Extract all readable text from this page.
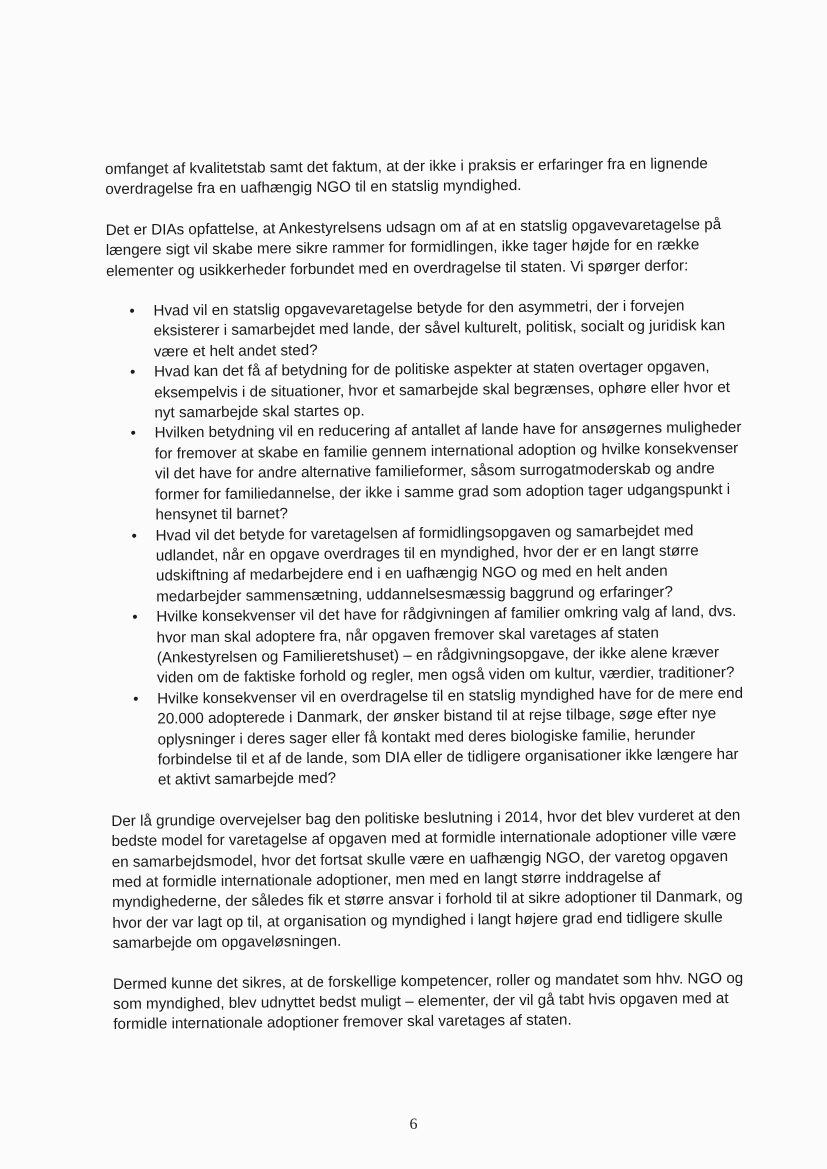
omfanget af kvalitetstab samt det faktum, at der ikke i praksis er erfaringer fra en lignende overdragelse fra en uafhængig NGO til en statslig myndighed.

Det er DIAs opfattelse, at Ankestyrelsens udsagn om af at en statslig opgavevaretagelse på længere sigt vil skabe mere sikre rammer for formidlingen, ikke tager højde for en række elementer og usikkerheder forbundet med en overdragelse til staten. Vi spørger derfor:

• Hvad vil en statslig opgavevaretagelse betyde for den asymmetri, der i forvejen eksisterer i samarbejdet med lande, der såvel kulturelt, politisk, socialt og juridisk kan være et helt andet sted?
• Hvad kan det få af betydning for de politiske aspekter at staten overtager opgaven, eksempelvis i de situationer, hvor et samarbejde skal begrænses, ophøre eller hvor et nyt samarbejde skal startes op.
• Hvilken betydning vil en reducering af antallet af lande have for ansøgernes muligheder for fremover at skabe en familie gennem international adoption og hvilke konsekvenser vil det have for andre alternative familieformer, såsom surrogatmoderskab og andre former for familiedannelse, der ikke i samme grad som adoption tager udgangspunkt i hensynet til barnet?
• Hvad vil det betyde for varetagelsen af formidlingsopgaven og samarbejdet med udlandet, når en opgave overdrages til en myndighed, hvor der er en langt større udskiftning af medarbejdere end i en uafhængig NGO og med en helt anden medarbejder sammensætning, uddannelsesmæssig baggrund og erfaringer?
• Hvilke konsekvenser vil det have for rådgivningen af familier omkring valg af land, dvs. hvor man skal adoptere fra, når opgaven fremover skal varetages af staten (Ankestyrelsen og Familieretshuset) – en rådgivningsopgave, der ikke alene kræver viden om de faktiske forhold og regler, men også viden om kultur, værdier, traditioner?
• Hvilke konsekvenser vil en overdragelse til en statslig myndighed have for de mere end 20.000 adopterede i Danmark, der ønsker bistand til at rejse tilbage, søge efter nye oplysninger i deres sager eller få kontakt med deres biologiske familie, herunder forbindelse til et af de lande, som DIA eller de tidligere organisationer ikke længere har et aktivt samarbejde med?

Der lå grundige overvejelser bag den politiske beslutning i 2014, hvor det blev vurderet at den bedste model for varetagelse af opgaven med at formidle internationale adoptioner ville være en samarbejdsmodel, hvor det fortsat skulle være en uafhængig NGO, der varetog opgaven med at formidle internationale adoptioner, men med en langt større inddragelse af myndighederne, der således fik et større ansvar i forhold til at sikre adoptioner til Danmark, og hvor der var lagt op til, at organisation og myndighed i langt højere grad end tidligere skulle samarbejde om opgaveløsningen.

Dermed kunne det sikres, at de forskellige kompetencer, roller og mandatet som hhv. NGO og som myndighed, blev udnyttet bedst muligt – elementer, der vil gå tabt hvis opgaven med at formidle internationale adoptioner fremover skal varetages af staten.

6
